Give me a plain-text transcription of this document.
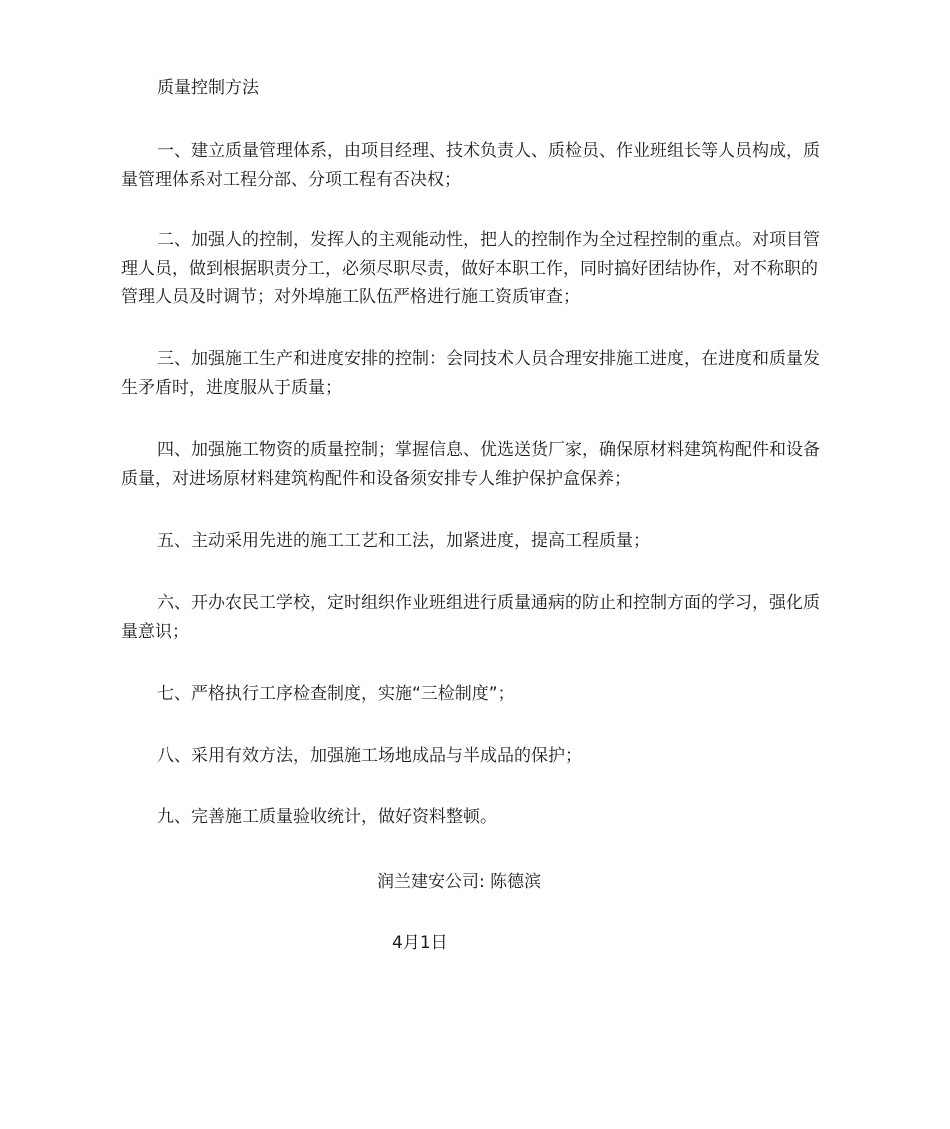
质量控制方法

一、建立质量管理体系，由项目经理、技术负责人、质检员、作业班组长等人员构成，质量管理体系对工程分部、分项工程有否决权；

二、加强人的控制，发挥人的主观能动性，把人的控制作为全过程控制的重点。对项目管理人员，做到根据职责分工，必须尽职尽责，做好本职工作，同时搞好团结协作，对不称职的管理人员及时调节；对外埠施工队伍严格进行施工资质审查；

三、加强施工生产和进度安排的控制：会同技术人员合理安排施工进度，在进度和质量发生矛盾时，进度服从于质量；

四、加强施工物资的质量控制；掌握信息、优选送货厂家，确保原材料建筑构配件和设备质量，对进场原材料建筑构配件和设备须安排专人维护保护盒保养；

五、主动采用先进的施工工艺和工法，加紧进度，提高工程质量；

六、开办农民工学校，定时组织作业班组进行质量通病的防止和控制方面的学习，强化质量意识；

七、严格执行工序检查制度，实施“三检制度”；

八、采用有效方法，加强施工场地成品与半成品的保护；

九、完善施工质量验收统计，做好资料整顿。

润兰建安公司: 陈德滨

4月1日
